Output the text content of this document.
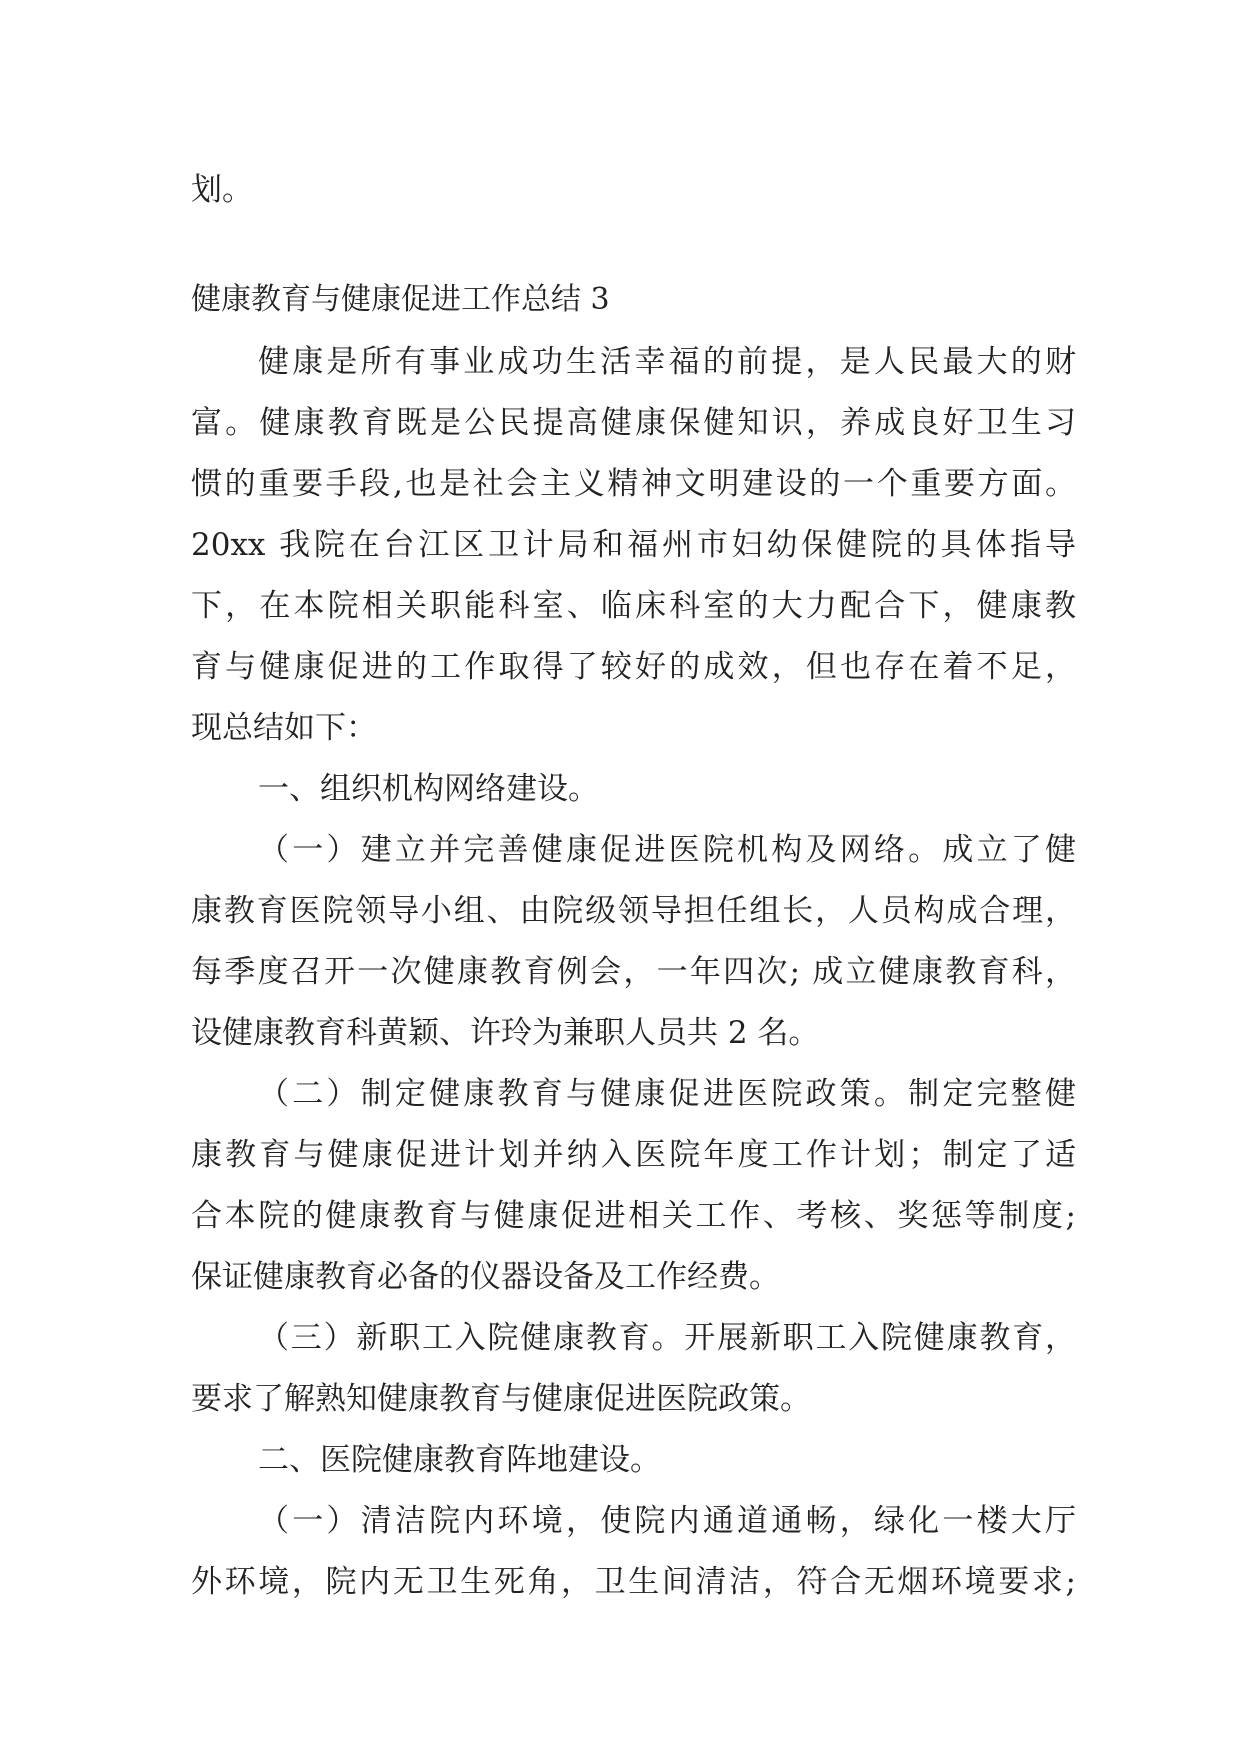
划。

健康教育与健康促进工作总结 3

健康是所有事业成功生活幸福的前提，是人民最大的财

富。健康教育既是公民提高健康保健知识，养成良好卫生习

惯的重要手段,也是社会主义精神文明建设的一个重要方面。

20xx 我院在台江区卫计局和福州市妇幼保健院的具体指导

下，在本院相关职能科室、临床科室的大力配合下，健康教

育与健康促进的工作取得了较好的成效，但也存在着不足，

现总结如下：

一、组织机构网络建设。

（一）建立并完善健康促进医院机构及网络。成立了健

康教育医院领导小组、由院级领导担任组长，人员构成合理，

每季度召开一次健康教育例会，一年四次; 成立健康教育科，

设健康教育科黄颖、许玲为兼职人员共 2 名。

（二）制定健康教育与健康促进医院政策。制定完整健

康教育与健康促进计划并纳入医院年度工作计划；制定了适

合本院的健康教育与健康促进相关工作、考核、奖惩等制度;

保证健康教育必备的仪器设备及工作经费。

（三）新职工入院健康教育。开展新职工入院健康教育，

要求了解熟知健康教育与健康促进医院政策。

二、医院健康教育阵地建设。

（一）清洁院内环境，使院内通道通畅，绿化一楼大厅

外环境，院内无卫生死角，卫生间清洁，符合无烟环境要求;
